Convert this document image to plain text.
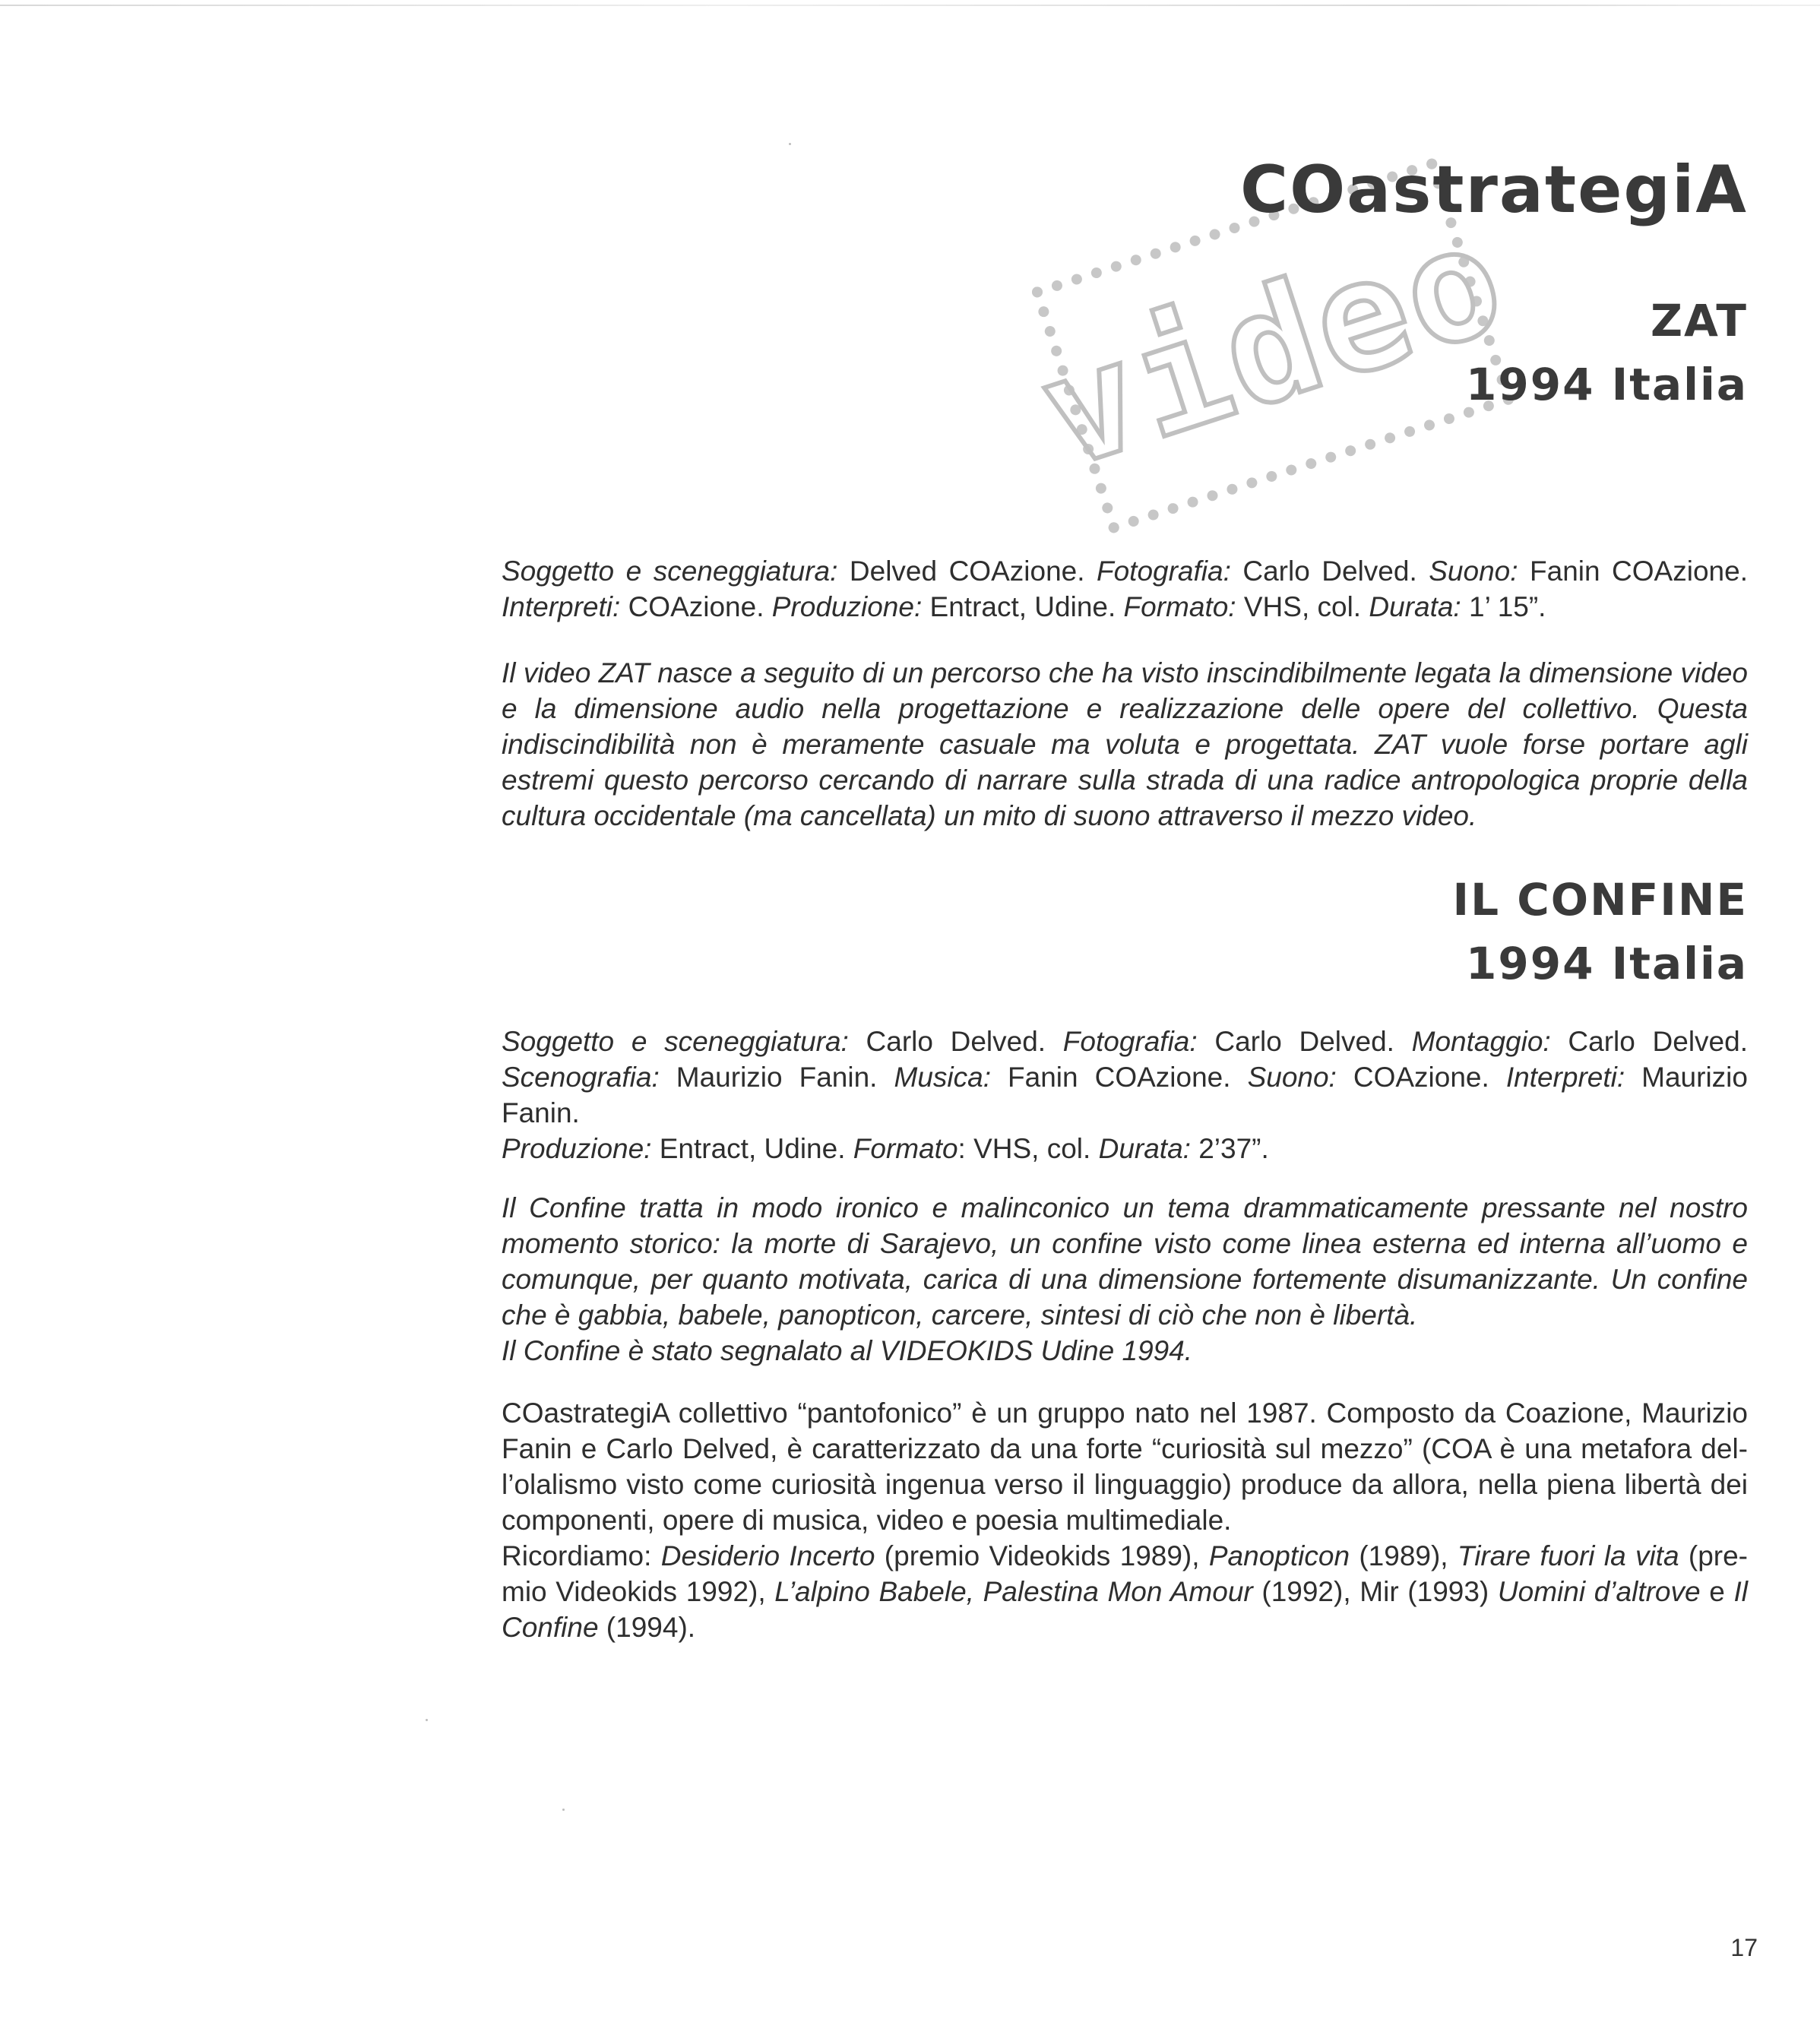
video
COastrategiA
ZAT
1994 Italia

Soggetto e sceneggiatura: Delved COAzione. Fotografia: Carlo Delved. Suono: Fanin COAzione. Interpreti: COAzione. Produzione: Entract, Udine. Formato: VHS, col. Durata: 1’ 15”.

Il video ZAT nasce a seguito di un percorso che ha visto inscindibilmente legata la dimensione video e la dimensione audio nella progettazione e realizzazione delle opere del collettivo. Questa indiscindibilità non è meramente casuale ma voluta e progettata. ZAT vuole forse portare agli estremi questo percorso cercando di narrare sulla strada di una radice antropologica proprie della cultura occidentale (ma cancellata) un mito di suono attraverso il mezzo video.

IL CONFINE
1994 Italia

Soggetto e sceneggiatura: Carlo Delved. Fotografia: Carlo Delved. Montaggio: Carlo Delved. Scenografia: Maurizio Fanin. Musica: Fanin COAzione. Suono: COAzione. Interpreti: Maurizio Fanin.

Produzione: Entract, Udine. Formato: VHS, col. Durata: 2’37”.

Il Confine tratta in modo ironico e malinconico un tema drammaticamente pressante nel nostro momento storico: la morte di Sarajevo, un confine visto come linea esterna ed interna all’uomo e comunque, per quanto motivata, carica di una dimensione fortemente disumanizzante. Un confine che è gabbia, babele, panopticon, carcere, sintesi di ciò che non è libertà.

Il Confine è stato segnalato al VIDEOKIDS Udine 1994.

COastrategiA collettivo “pantofonico” è un gruppo nato nel 1987. Composto da Coazione, Maurizio Fanin e Carlo Delved, è caratterizzato da una forte “curiosità sul mezzo” (COA è una metafora del-l’olalismo visto come curiosità ingenua verso il linguaggio) produce da allora, nella piena libertà dei componenti, opere di musica, video e poesia multimediale.

Ricordiamo: Desiderio Incerto (premio Videokids 1989), Panopticon (1989), Tirare fuori la vita (pre-mio Videokids 1992), L’alpino Babele, Palestina Mon Amour (1992), Mir (1993) Uomini d’altrove e Il Confine (1994).

17
